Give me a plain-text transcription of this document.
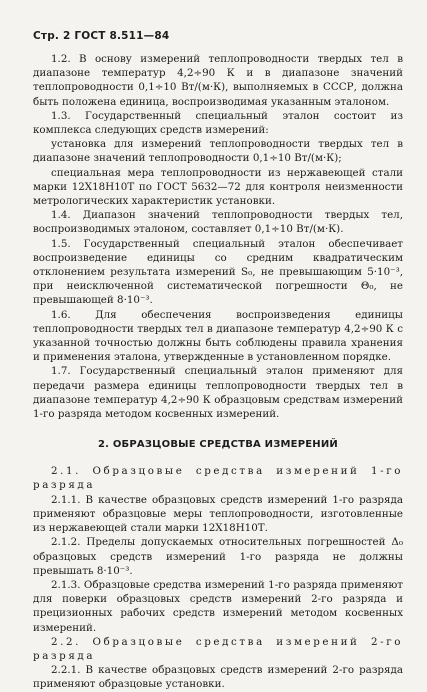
Стр. 2 ГОСТ 8.511—84

1.2. В основу измерений теплопроводности твердых тел в диапазоне температур 4,2÷90 К и в диапазоне значений теплопроводности 0,1÷10 Вт/(м·К), выполняемых в СССР, должна быть положена единица, воспроизводимая указанным эталоном.

1.3. Государственный специальный эталон состоит из комплекса следующих средств измерений:

установка для измерений теплопроводности твердых тел в диапазоне значений теплопроводности 0,1÷10 Вт/(м·К);

специальная мера теплопроводности из нержавеющей стали марки 12Х18Н10Т по ГОСТ 5632—72 для контроля неизменности метрологических характеристик установки.

1.4. Диапазон значений теплопроводности твердых тел, воспроизводимых эталоном, составляет 0,1÷10 Вт/(м·К).

1.5. Государственный специальный эталон обеспечивает воспроизведение единицы со средним квадратическим отклонением результата измерений S₀, не превышающим 5·10⁻³, при неисключенной систематической погрешности Θ₀, не превышающей 8·10⁻³.

1.6. Для обеспечения воспроизведения единицы теплопроводности твердых тел в диапазоне температур 4,2÷90 К с указанной точностью должны быть соблюдены правила хранения и применения эталона, утвержденные в установленном порядке.

1.7. Государственный специальный эталон применяют для передачи размера единицы теплопроводности твердых тел в диапазоне температур 4,2÷90 К образцовым средствам измерений 1-го разряда методом косвенных измерений.

2. ОБРАЗЦОВЫЕ СРЕДСТВА ИЗМЕРЕНИЙ

2.1. Образцовые средства измерений 1-го разряда

2.1.1. В качестве образцовых средств измерений 1-го разряда применяют образцовые меры теплопроводности, изготовленные из нержавеющей стали марки 12Х18Н10Т.

2.1.2. Пределы допускаемых относительных погрешностей Δ₀ образцовых средств измерений 1-го разряда не должны превышать 8·10⁻³.

2.1.3. Образцовые средства измерений 1-го разряда применяют для поверки образцовых средств измерений 2-го разряда и прецизионных рабочих средств измерений методом косвенных измерений.

2.2. Образцовые средства измерений 2-го разряда

2.2.1. В качестве образцовых средств измерений 2-го разряда применяют образцовые установки.
